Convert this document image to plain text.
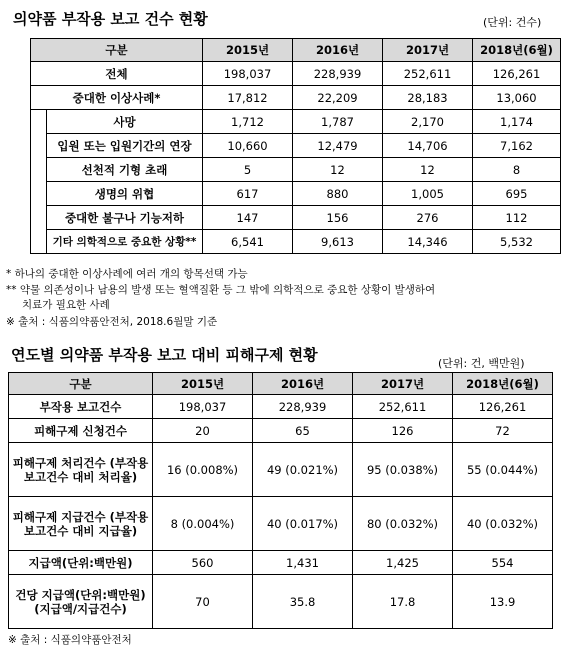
의약품 부작용 보고 건수 현황	(단위: 건수)
구분		2015년	2016년	2017년	2018년(6월)
전체		198,037	228,939	252,611	126,261
중대한 이상사례*		17,812	22,209	28,183	13,060
	사망	1,712	1,787	2,170	1,174
	입원 또는 입원기간의 연장	10,660	12,479	14,706	7,162
	선천적 기형 초래	5	12	12	8
	생명의 위협	617	880	1,005	695
	중대한 불구나 기능저하	147	156	276	112
	기타 의학적으로 중요한 상황**	6,541	9,613	14,346	5,532
* 하나의 중대한 이상사례에 여러 개의 항목선택 가능
** 약물 의존성이나 남용의 발생 또는 혈액질환 등 그 밖에 의학적으로 중요한 상황이 발생하여
치료가 필요한 사례
※ 출처 : 식품의약품안전처, 2018.6월말 기준
연도별 의약품 부작용 보고 대비 피해구제 현황	(단위: 건, 백만원)
구분	2015년	2016년	2017년	2018년(6월)
부작용 보고건수	198,037	228,939	252,611	126,261
피해구제 신청건수	20	65	126	72
피해구제 처리건수 (부작용 보고건수 대비 처리율)	16 (0.008%)	49 (0.021%)	95 (0.038%)	55 (0.044%)
피해구제 지급건수 (부작용 보고건수 대비 지급율)	8 (0.004%)	40 (0.017%)	80 (0.032%)	40 (0.032%)
지급액(단위:백만원)	560	1,431	1,425	554
건당 지급액(단위:백만원) (지급액/지급건수)	70	35.8	17.8	13.9
※ 출처 : 식품의약품안전처
